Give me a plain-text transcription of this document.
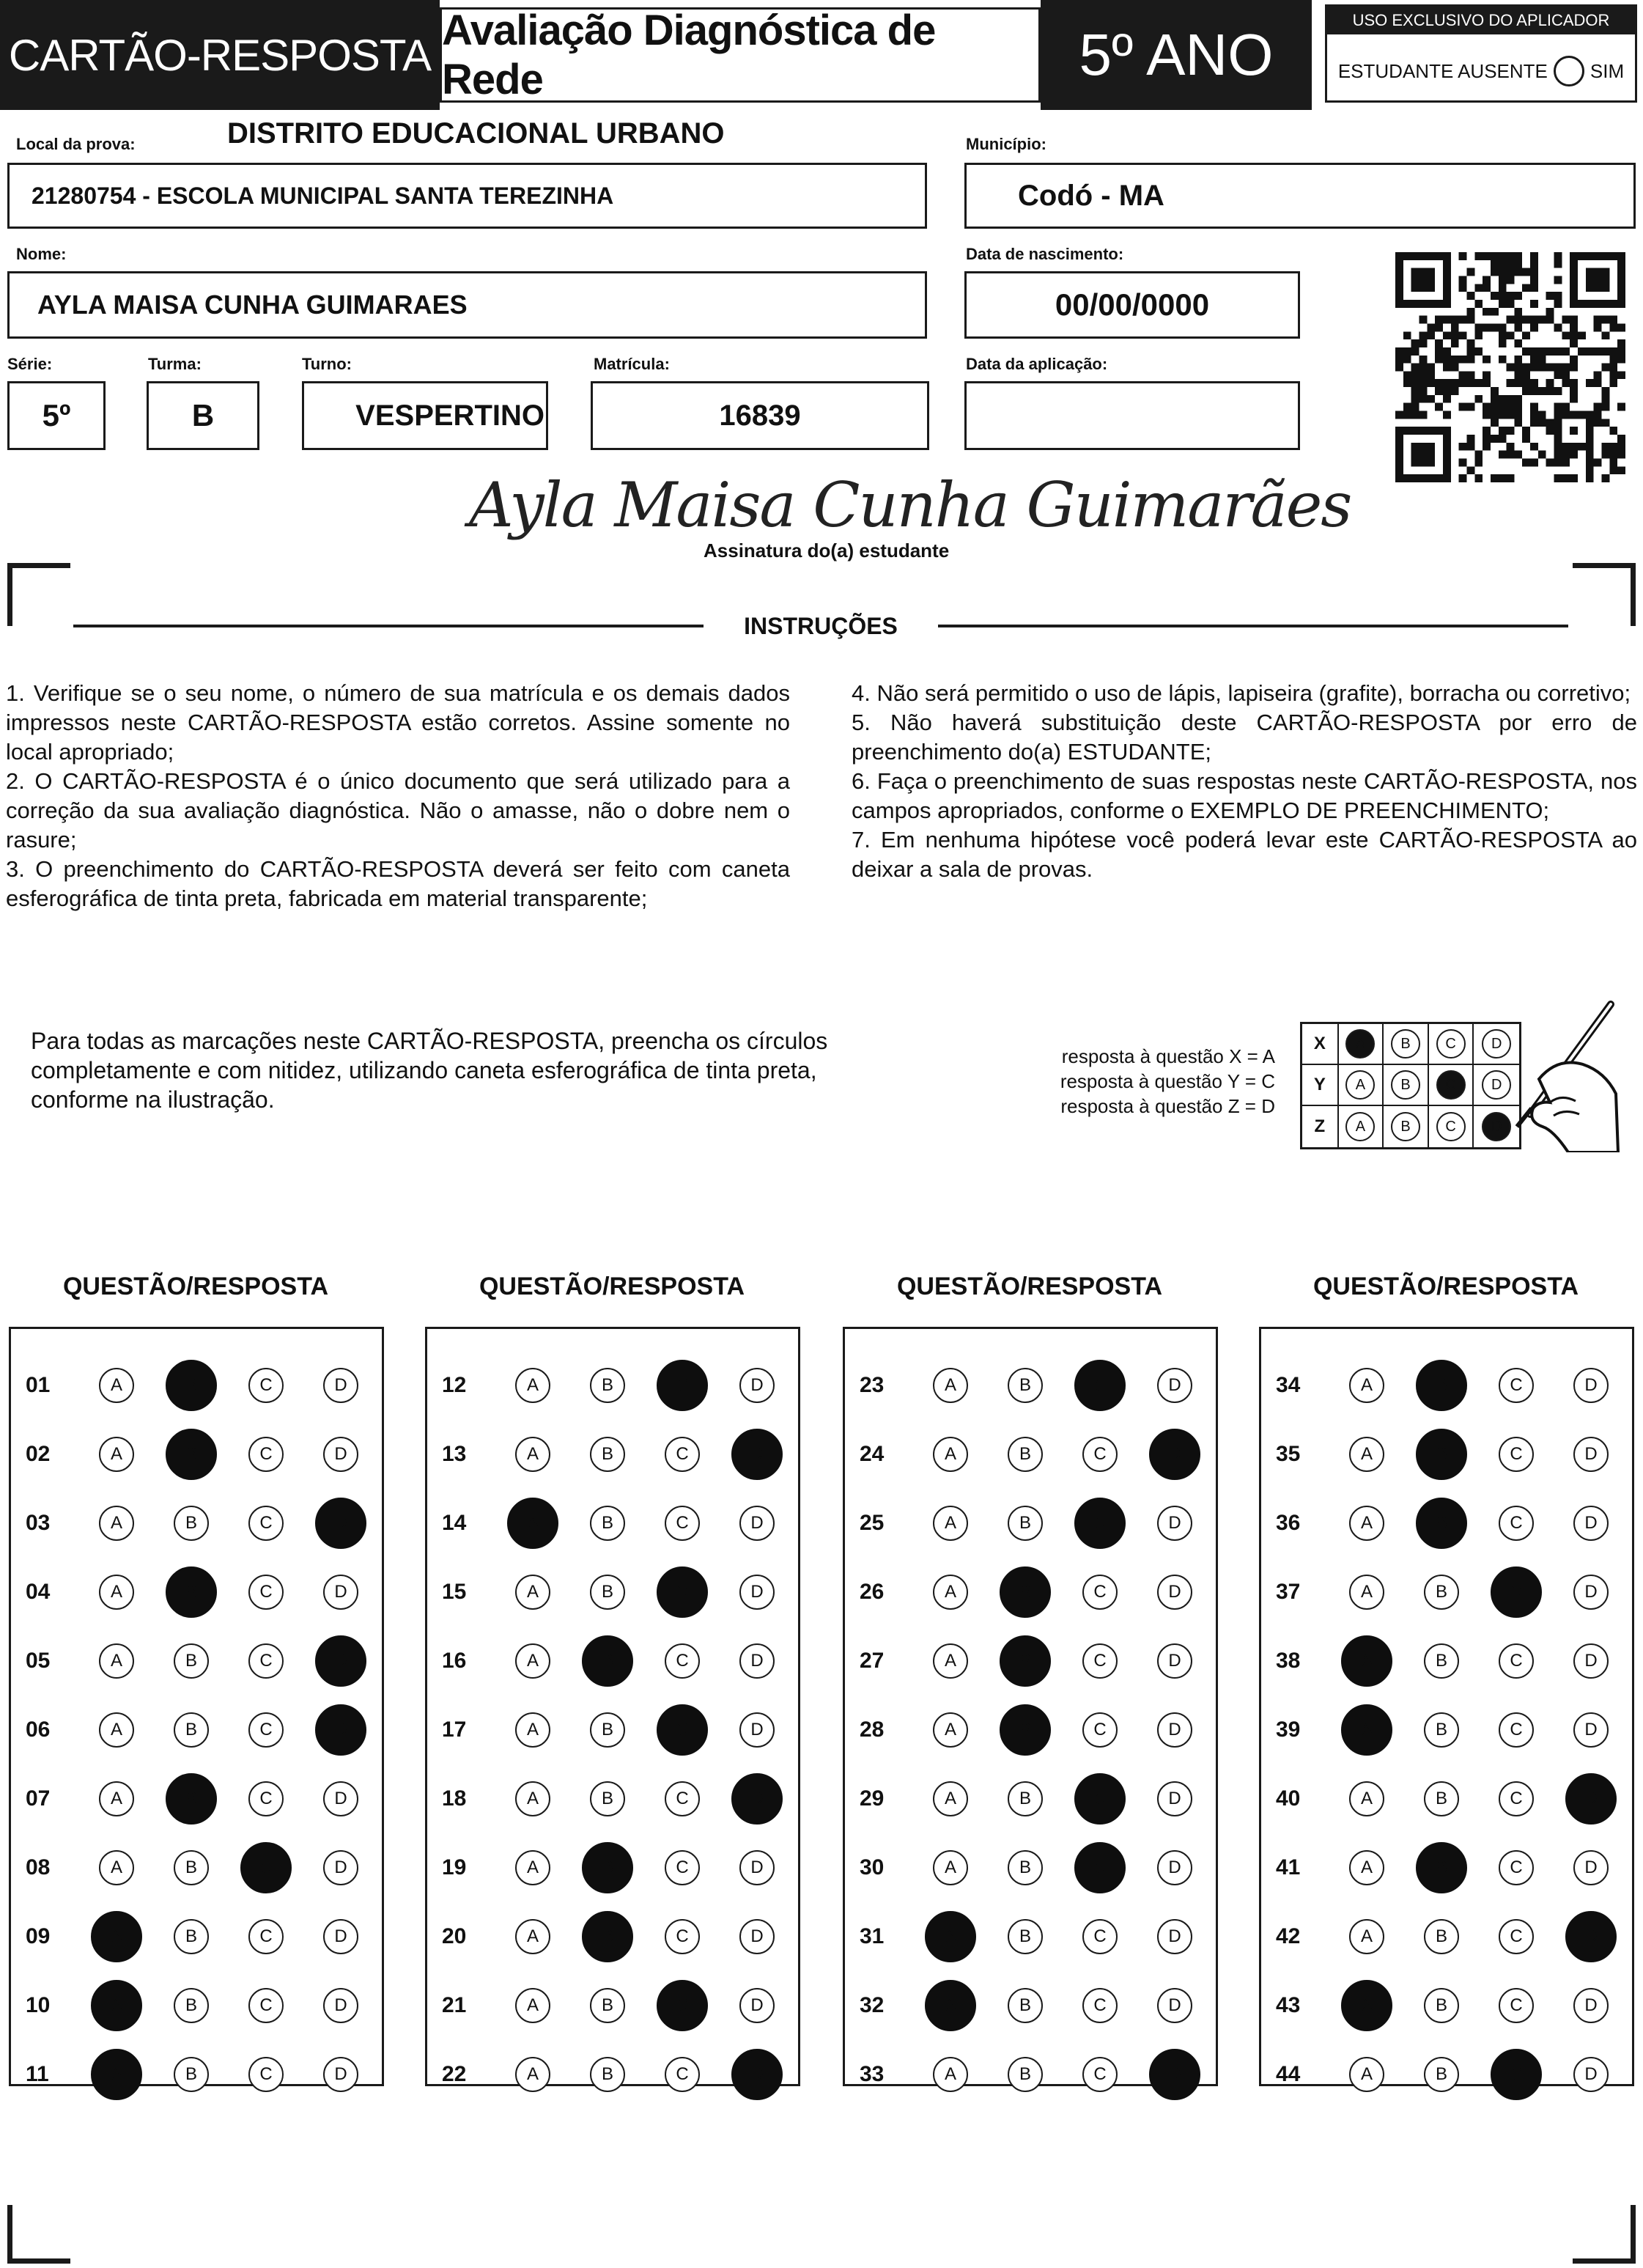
CARTÃO-RESPOSTA Avaliação Diagnóstica de Rede	5º ANO
USO EXCLUSIVO DO APLICADOR
ESTUDANTE AUSENTE SIM
Local da prova:	DISTRITO EDUCACIONAL URBANO
21280754 - ESCOLA MUNICIPAL SANTA TEREZINHA
Município:
Codó - MA
Nome:
AYLA MAISA CUNHA GUIMARAES
Data de nascimento:
00/00/0000
Série:	Turma:	Turno:	Matrícula:	Data da aplicação:
5º	B	VESPERTINO	16839
Ayla Maisa Cunha Guimarães
Assinatura do(a) estudante
INSTRUÇÕES

1. Verifique se o seu nome, o número de sua matrícula e os demais dados impressos neste CARTÃO-RESPOSTA estão corretos. Assine somente no local apropriado;

2. O CARTÃO-RESPOSTA é o único documento que será utilizado para a correção da sua avaliação diagnóstica. Não o amasse, não o dobre nem o rasure;

3. O preenchimento do CARTÃO-RESPOSTA deverá ser feito com caneta esferográfica de tinta preta, fabricada em material transparente;

4. Não será permitido o uso de lápis, lapiseira (grafite), borracha ou corretivo;

5. Não haverá substituição deste CARTÃO-RESPOSTA por erro de preenchimento do(a) ESTUDANTE;

6. Faça o preenchimento de suas respostas neste CARTÃO-RESPOSTA, nos campos apropriados, conforme o EXEMPLO DE PREENCHIMENTO;

7. Em nenhuma hipótese você poderá levar este CARTÃO-RESPOSTA ao deixar a sala de provas.

Para todas as marcações neste CARTÃO-RESPOSTA, preencha os círculos completamente e com nitidez, utilizando caneta esferográfica de tinta preta, conforme na ilustração.
resposta à questão X = A
resposta à questão Y = C
resposta à questão Z = D
X	A	B	C	D
Y	A	B	C	D
Z	A	B	C	D
QUESTÃO/RESPOSTA
01	A	B	C	D
02	A	B	C	D
03	A	B	C	D
04	A	B	C	D
05	A	B	C	D
06	A	B	C	D
07	A	B	C	D
08	A	B	C	D
09	A	B	C	D
10	A	B	C	D
11	A	B	C	D
QUESTÃO/RESPOSTA
12	A	B	C	D
13	A	B	C	D
14	A	B	C	D
15	A	B	C	D
16	A	B	C	D
17	A	B	C	D
18	A	B	C	D
19	A	B	C	D
20	A	B	C	D
21	A	B	C	D
22	A	B	C	D
QUESTÃO/RESPOSTA
23	A	B	C	D
24	A	B	C	D
25	A	B	C	D
26	A	B	C	D
27	A	B	C	D
28	A	B	C	D
29	A	B	C	D
30	A	B	C	D
31	A	B	C	D
32	A	B	C	D
33	A	B	C	D
QUESTÃO/RESPOSTA
34	A	B	C	D
35	A	B	C	D
36	A	B	C	D
37	A	B	C	D
38	A	B	C	D
39	A	B	C	D
40	A	B	C	D
41	A	B	C	D
42	A	B	C	D
43	A	B	C	D
44	A	B	C	D
